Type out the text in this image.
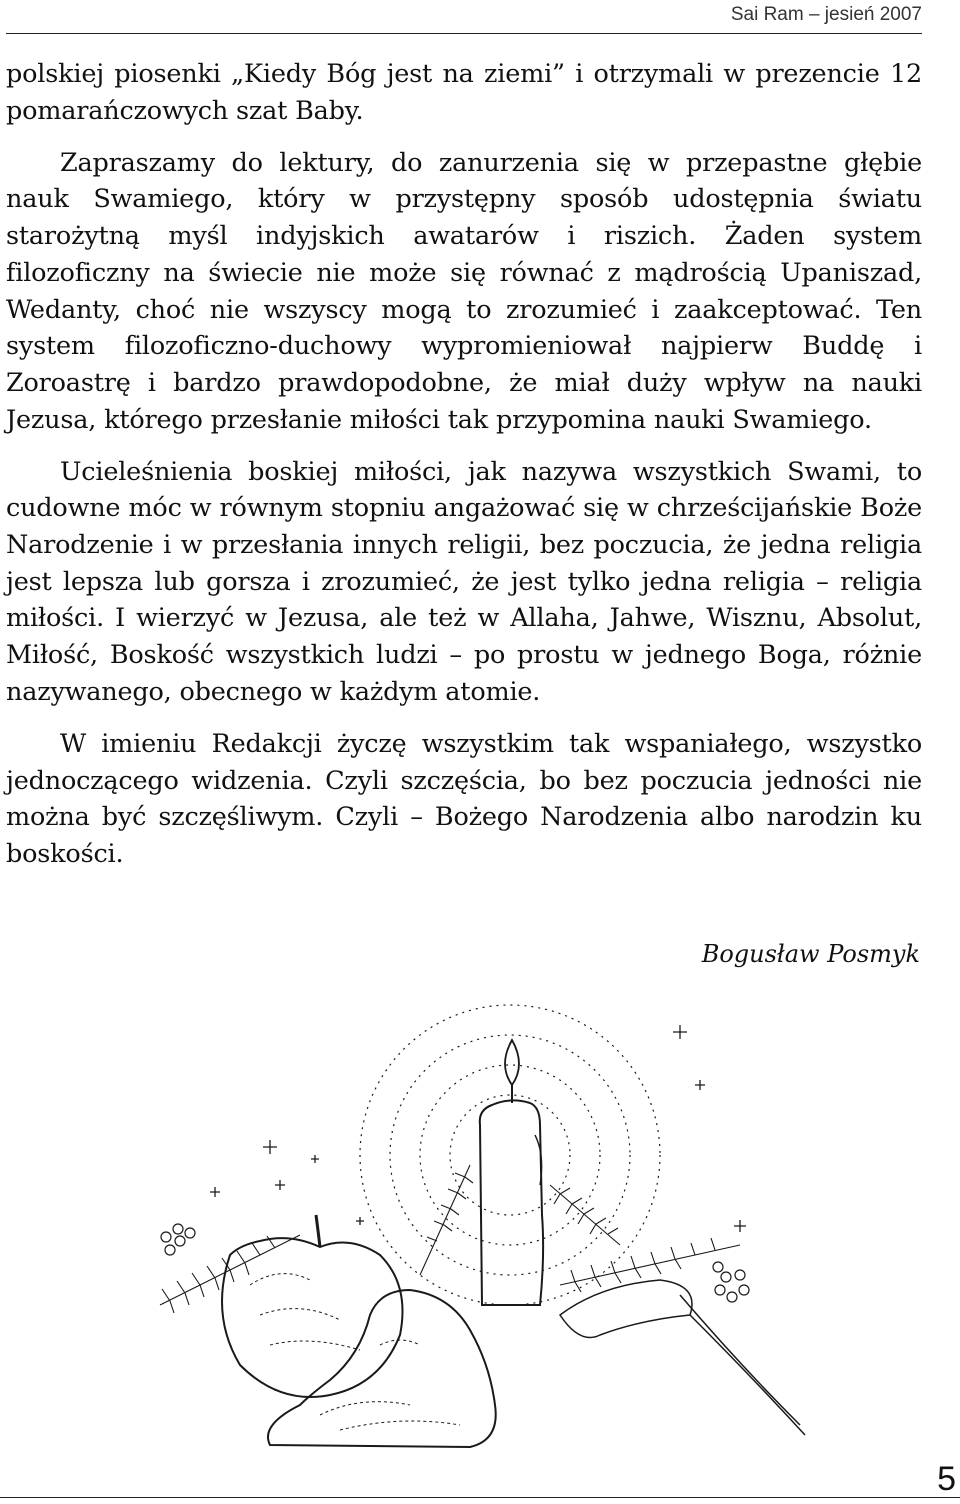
Sai Ram – jesień 2007

polskiej piosenki „Kiedy Bóg jest na ziemi” i otrzymali w prezencie 12 pomarańczowych szat Baby.

Zapraszamy do lektury, do zanurzenia się w przepastne głębie nauk Swamiego, który w przystępny sposób udostępnia światu starożytną myśl indyjskich awatarów i riszich. Żaden system filozoficzny na świecie nie może się równać z mądrością Upaniszad, Wedanty, choć nie wszyscy mogą to zrozumieć i zaakceptować. Ten system filozoficzno-duchowy wypromieniował najpierw Buddę i Zoroastrę i bardzo prawdopodobne, że miał duży wpływ na nauki Jezusa, którego przesłanie miłości tak przypomina nauki Swamiego.

Ucieleśnienia boskiej miłości, jak nazywa wszystkich Swami, to cudowne móc w równym stopniu angażować się w chrześcijańskie Boże Narodzenie i w przesłania innych religii, bez poczucia, że jedna religia jest lepsza lub gorsza i zrozumieć, że jest tylko jedna religia – religia miłości. I wierzyć w Jezusa, ale też w Allaha, Jahwe, Wisznu, Absolut, Miłość, Boskość wszystkich ludzi – po prostu w jednego Boga, różnie nazywanego, obecnego w każdym atomie.

W imieniu Redakcji życzę wszystkim tak wspaniałego, wszystko jednoczącego widzenia. Czyli szczęścia, bo bez poczucia jedności nie można być szczęśliwym. Czyli – Bożego Narodzenia albo narodzin ku boskości.

Bogusław Posmyk
5
